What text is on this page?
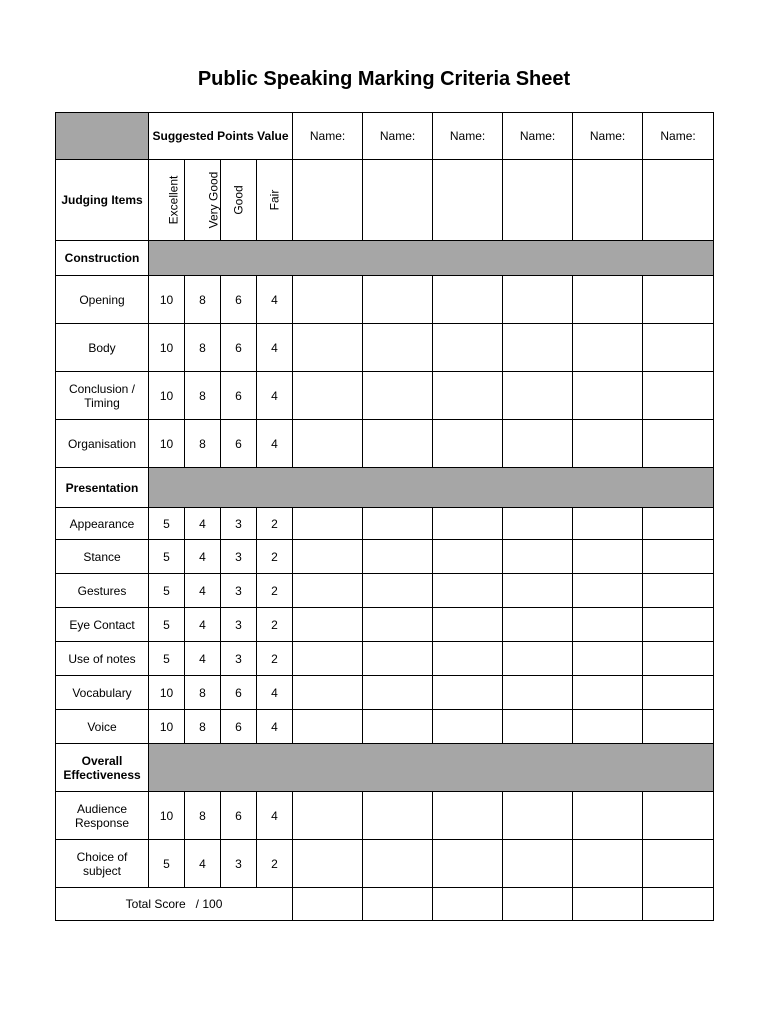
Public Speaking Marking Criteria Sheet
	Suggested Points Value				Name:	Name:	Name:	Name:	Name:	Name:
Judging Items	Excellent	Very Good	Good	Fair						
Construction										
Opening	10	8	6	4						
Body	10	8	6	4						
Conclusion / Timing	10	8	6	4						
Organisation	10	8	6	4						
Presentation										
Appearance	5	4	3	2						
Stance	5	4	3	2						
Gestures	5	4	3	2						
Eye Contact	5	4	3	2						
Use of notes	5	4	3	2						
Vocabulary	10	8	6	4						
Voice	10	8	6	4						
Overall Effectiveness										
Audience Response	10	8	6	4						
Choice of subject	5	4	3	2						
Total Score   / 100										
